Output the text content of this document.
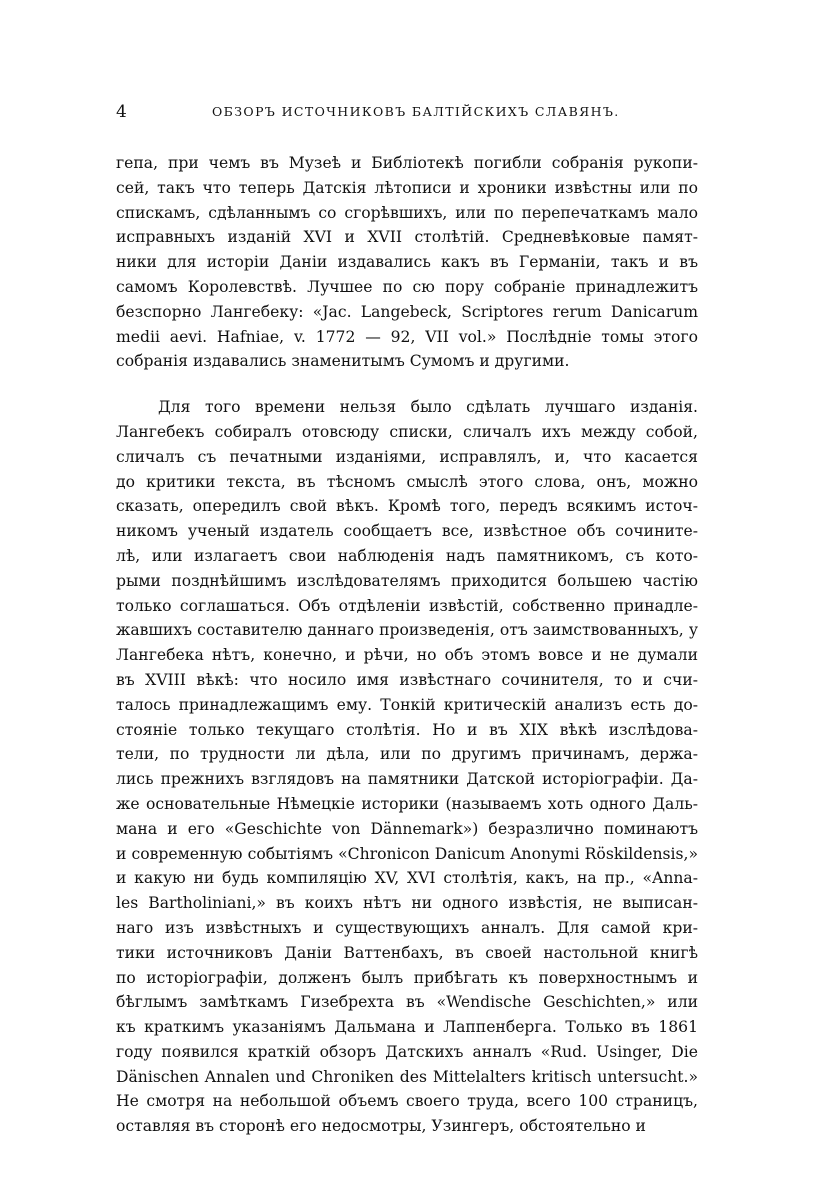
4	ОБЗОРЪ ИСТОЧНИКОВЪ БАЛТІЙСКИХЪ СЛАВЯНЪ.
гепа, при чемъ въ Музеѣ и Библіотекѣ погибли собранія рукопи-
сей, такъ что теперь Датскія лѣтописи и хроники извѣстны или по
спискамъ, сдѣланнымъ со сгорѣвшихъ, или по перепечаткамъ мало
исправныхъ изданій XVI и XVII столѣтій. Средневѣковые памят-
ники для исторіи Даніи издавались какъ въ Германіи, такъ и въ
самомъ Королевствѣ. Лучшее по сю пору собраніе принадлежитъ
безспорно Лангебеку: «Jac. Langebeck, Scriptores rerum Danicarum
medii aevi. Hafniae, v. 1772 — 92, VII vol.» Послѣдніе томы этого
собранія издавались знаменитымъ Сумомъ и другими.
Для того времени нельзя было сдѣлать лучшаго изданія.
Лангебекъ собиралъ отовсюду списки, сличалъ ихъ между собой,
сличалъ съ печатными изданіями, исправлялъ, и, что касается
до критики текста, въ тѣсномъ смыслѣ этого слова, онъ, можно
сказать, опередилъ свой вѣкъ. Кромѣ того, передъ всякимъ источ-
никомъ ученый издатель сообщаетъ все, извѣстное объ сочините-
лѣ, или излагаетъ свои наблюденія надъ памятникомъ, съ кото-
рыми позднѣйшимъ изслѣдователямъ приходится большею частію
только соглашаться. Объ отдѣленіи извѣстій, собственно принадле-
жавшихъ составителю даннаго произведенія, отъ заимствованныхъ, у
Лангебека нѣтъ, конечно, и рѣчи, но объ этомъ вовсе и не думали
въ XVIII вѣкѣ: что носило имя извѣстнаго сочинителя, то и счи-
талось принадлежащимъ ему. Тонкій критическій анализъ есть до-
стояніе только текущаго столѣтія. Но и въ XIX вѣкѣ изслѣдова-
тели, по трудности ли дѣла, или по другимъ причинамъ, держа-
лись прежнихъ взглядовъ на памятники Датской исторіографіи. Да-
же основательные Нѣмецкіе историки (называемъ хоть одного Даль-
мана и его «Geschichte von Dännemark») безразлично поминаютъ
и современную событіямъ «Chronicon Danicum Anonymi Röskildensis,»
и какую ни будь компиляцію XV, XVI столѣтія, какъ, на пр., «Anna-
les Bartholiniani,» въ коихъ нѣтъ ни одного извѣстія, не выписан-
наго изъ извѣстныхъ и существующихъ анналъ. Для самой кри-
тики источниковъ Даніи Ваттенбахъ, въ своей настольной книгѣ
по исторіографіи, долженъ былъ прибѣгать къ поверхностнымъ и
бѣглымъ замѣткамъ Гизебрехта въ «Wendische Geschichten,» или
къ краткимъ указаніямъ Дальмана и Лаппенберга. Только въ 1861
году появился краткій обзоръ Датскихъ анналъ «Rud. Usinger, Die
Dänischen Annalen und Chroniken des Mittelalters kritisch untersucht.»
Не смотря на небольшой объемъ своего труда, всего 100 страницъ,
оставляя въ сторонѣ его недосмотры, Узингеръ, обстоятельно и
